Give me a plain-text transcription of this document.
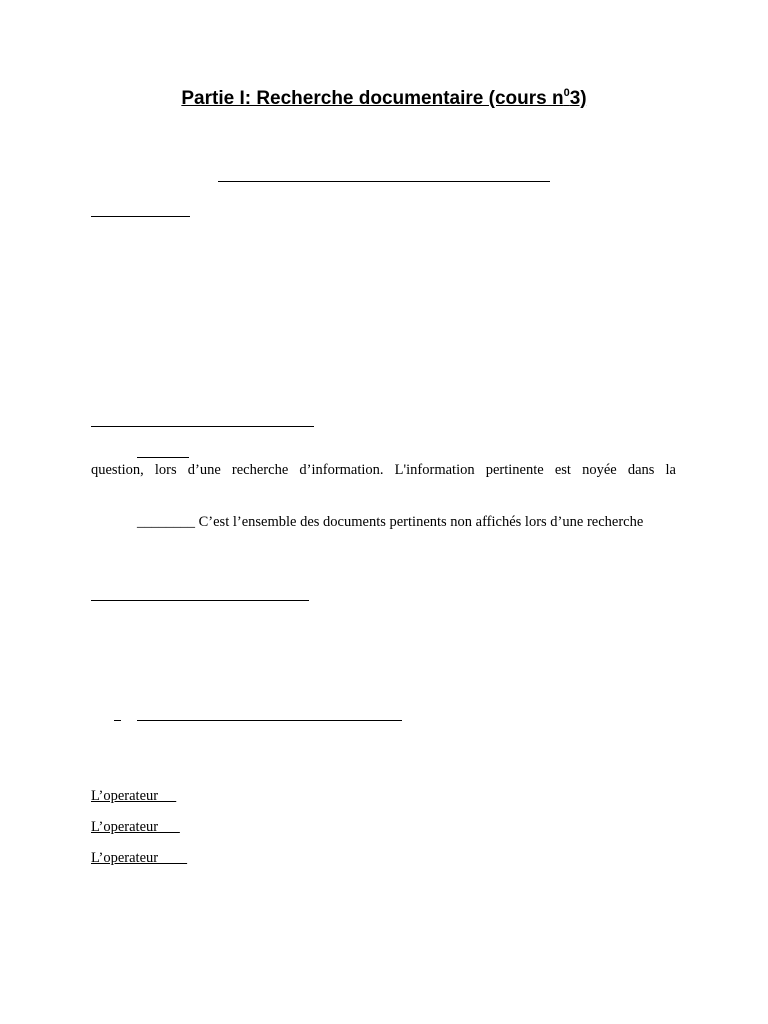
Partie I: Recherche documentaire (cours $n^03$)
question, lors d’une recherche d’information. L'information pertinente est noyée dans la
________ C’est l’ensemble des documents pertinents non affichés lors d’une recherche
L’operateur
L’operateur
L’operateur
